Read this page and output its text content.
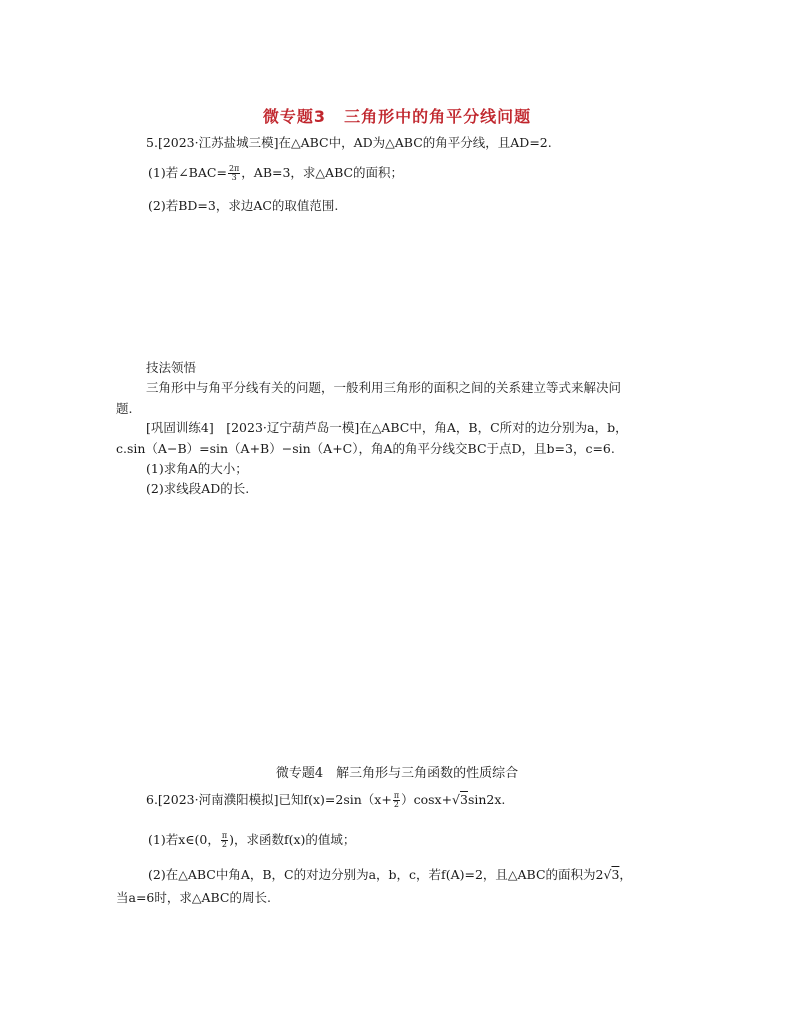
微专题3 三角形中的角平分线问题
5.[2023·江苏盐城三模]在△ABC中，AD为△ABC的角平分线，且AD=2.
(1)若∠BAC= $\frac{2\pi}{3}$ ，AB=3，求△ABC的面积；
(2)若BD=3，求边AC的取值范围.
技法领悟
三角形中与角平分线有关的问题，一般利用三角形的面积之间的关系建立等式来解决问
题.
[巩固训练4]　[2023·辽宁葫芦岛一模]在△ABC中，角A，B，C所对的边分别为a，b，
c.sin（A−B）=sin（A+B）−sin（A+C），角A的角平分线交BC于点D，且b=3，c=6.
(1)求角A的大小；
(2)求线段AD的长.
微专题4　解三角形与三角函数的性质综合
6.[2023·河南濮阳模拟]已知$f(x)=2\sin(x+ \frac{\pi}{2} )\cos x+√3\sin 2x$.
(1)若x∈(0， $\frac{\pi}{2}$ )，求函数f(x)的值域；
(2)在△ABC中角A，B，C的对边分别为a，b，c，若f(A)=2，且△ABC的面积为2√3，
当a=6时，求△ABC的周长.
